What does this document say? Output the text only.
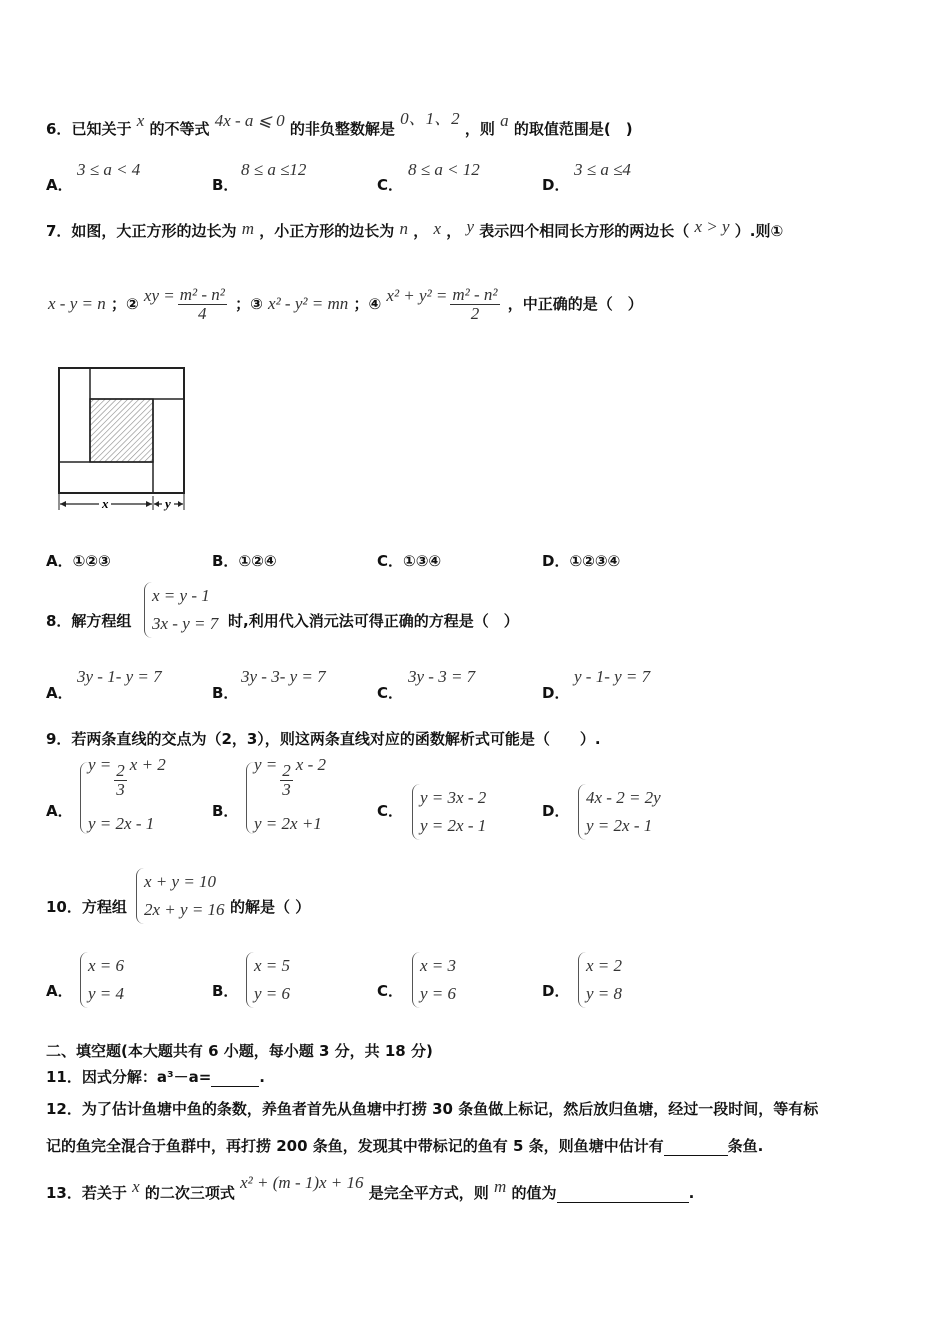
6．已知关于 x 的不等式 4x - a ⩽ 0 的非负整数解是 0、1、2 ，则 a 的取值范围是(　)
A．
3 ≤ a < 4
B．
8 ≤ a ≤12
C．
8 ≤ a < 12
D．
3 ≤ a ≤4
7．如图，大正方形的边长为 m ，小正方形的边长为 n ， x ， y 表示四个相同长方形的两边长（ x > y ）.则①
x - y = n ；② xy = $\frac{\text{m² - n²}}{4}$ ；③ x² - y² = mn ；④ $x^2 + y^2 = \frac{\text{m² - n²}}{2}$ ，中正确的是（　）
x	y
A．①②③	B．①②④	C．①③④	D．①②③④
8．解方程组
x = y - 1
3x - y = 7 时,利用代入消元法可得正确的方程是（　）
A．
3y - 1- y = 7
B．
3y - 3- y = 7
C．
3y - 3 = 7
D．
y - 1- y = 7
9．若两条直线的交点为（2，3），则这两条直线对应的函数解析式可能是（　　）.
A．
$y = \frac{2}{3}$ x + 2
y = 2x - 1
B．
$y = \frac{2}{3}$ x - 2
y = 2x +1
C．
y = 3x - 2
y = 2x - 1
D．
4x - 2 = 2y
y = 2x - 1
10．方程组
x + y = 10
2x + y = 16 的解是（ ）
A．
x = 6
y = 4	B．
x = 5
y = 6	C．
x = 3
y = 6	D．
x = 2
y = 8
二、填空题(本大题共有 6 小题，每小题 3 分，共 18 分)
11．因式分解：a³－a=	.
12．为了估计鱼塘中鱼的条数，养鱼者首先从鱼塘中打捞 30 条鱼做上标记，然后放归鱼塘，经过一段时间，等有标
记的鱼完全混合于鱼群中，再打捞 200 条鱼，发现其中带标记的鱼有 5 条，则鱼塘中估计有	条鱼.
13．若关于 x 的二次三项式 x² + (m - 1)x + 16 是完全平方式，则 m 的值为	.
